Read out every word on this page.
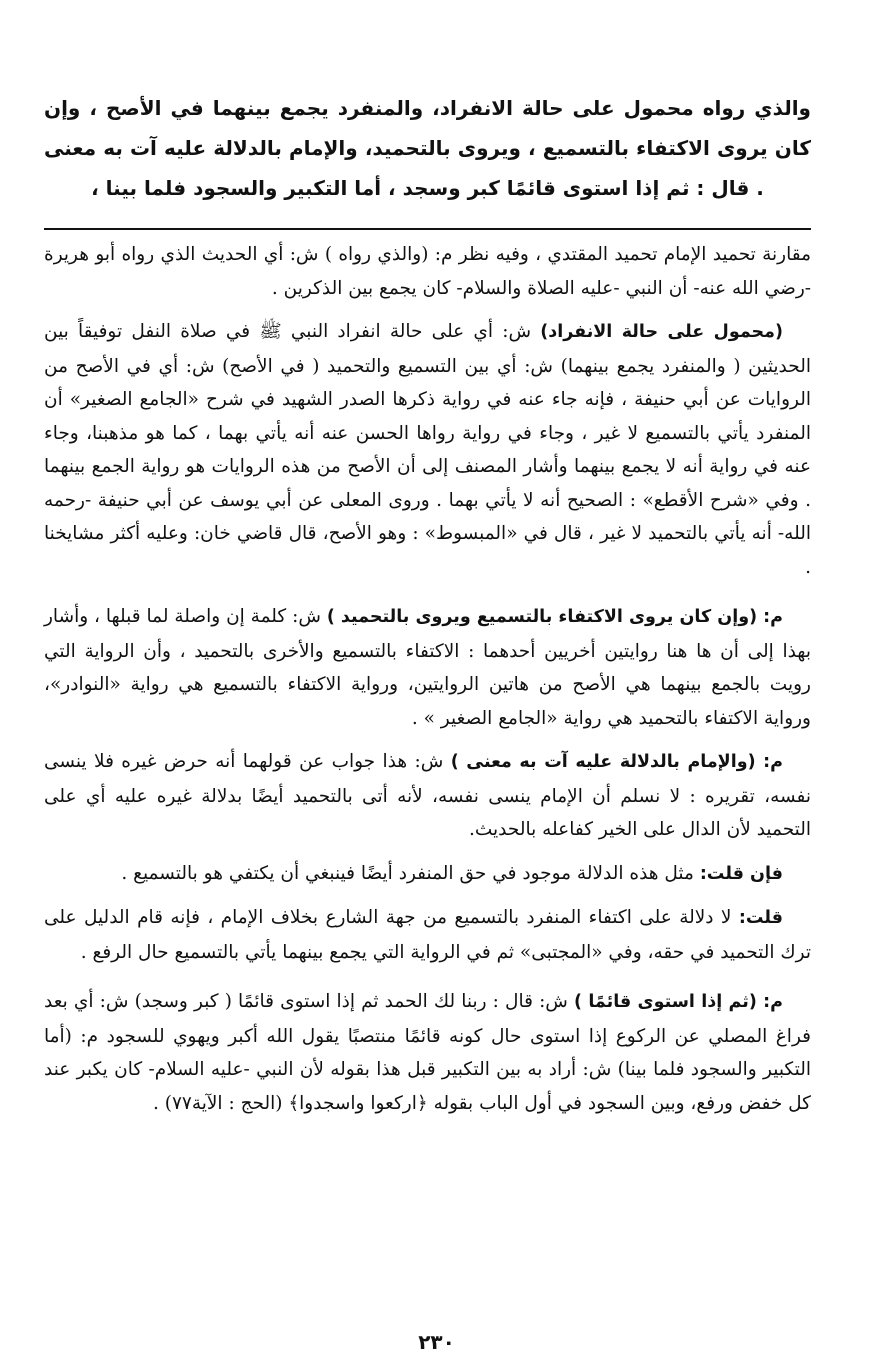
والذي رواه محمول على حالة الانفراد، والمنفرد يجمع بينهما في الأصح ، وإن كان يروى الاكتفاء بالتسميع ، ويروى بالتحميد، والإمام بالدلالة عليه آت به معنى . قال : ثم إذا استوى قائمًا كبر وسجد ، أما التكبير والسجود فلما بينا ،

مقارنة تحميد الإمام تحميد المقتدي ، وفيه نظر م: (والذي رواه ) ش: أي الحديث الذي رواه أبو هريرة -رضي الله عنه- أن النبي -عليه الصلاة والسلام- كان يجمع بين الذكرين .

(محمول على حالة الانفراد) ش: أي على حالة انفراد النبي ﷺ في صلاة النفل توفيقاً بين الحديثين ( والمنفرد يجمع بينهما) ش: أي بين التسميع والتحميد ( في الأصح) ش: أي في الأصح من الروايات عن أبي حنيفة ، فإنه جاء عنه في رواية ذكرها الصدر الشهيد في شرح «الجامع الصغير» أن المنفرد يأتي بالتسميع لا غير ، وجاء في رواية رواها الحسن عنه أنه يأتي بهما ، كما هو مذهبنا، وجاء عنه في رواية أنه لا يجمع بينهما وأشار المصنف إلى أن الأصح من هذه الروايات هو رواية الجمع بينهما . وفي «شرح الأقطع» : الصحيح أنه لا يأتي بهما . وروى المعلى عن أبي يوسف عن أبي حنيفة -رحمه الله- أنه يأتي بالتحميد لا غير ، قال في «المبسوط» : وهو الأصح، قال قاضي خان: وعليه أكثر مشايخنا .

م: (وإن كان يروى الاكتفاء بالتسميع ويروى بالتحميد ) ش: كلمة إن واصلة لما قبلها ، وأشار بهذا إلى أن ها هنا روايتين أخريين أحدهما : الاكتفاء بالتسميع والأخرى بالتحميد ، وأن الرواية التي رويت بالجمع بينهما هي الأصح من هاتين الروايتين، ورواية الاكتفاء بالتسميع هي رواية «النوادر»، ورواية الاكتفاء بالتحميد هي رواية «الجامع الصغير » .

م: (والإمام بالدلالة عليه آت به معنى ) ش: هذا جواب عن قولهما أنه حرض غيره فلا ينسى نفسه، تقريره : لا نسلم أن الإمام ينسى نفسه، لأنه أتى بالتحميد أيضًا بدلالة غيره عليه أي على التحميد لأن الدال على الخير كفاعله بالحديث.

فإن قلت: مثل هذه الدلالة موجود في حق المنفرد أيضًا فينبغي أن يكتفي هو بالتسميع .

قلت: لا دلالة على اكتفاء المنفرد بالتسميع من جهة الشارع بخلاف الإمام ، فإنه قام الدليل على ترك التحميد في حقه، وفي «المجتبى» ثم في الرواية التي يجمع بينهما يأتي بالتسميع حال الرفع .

م: (ثم إذا استوى قائمًا ) ش: قال : ربنا لك الحمد ثم إذا استوى قائمًا ( كبر وسجد) ش: أي بعد فراغ المصلي عن الركوع إذا استوى حال كونه قائمًا منتصبًا يقول الله أكبر ويهوي للسجود م: (أما التكبير والسجود فلما بينا) ش: أراد به بين التكبير قبل هذا بقوله لأن النبي -عليه السلام- كان يكبر عند كل خفض ورفع، وبين السجود في أول الباب بقوله ﴿اركعوا واسجدوا﴾ (الحج : الآية٧٧) .

٢٣٠
